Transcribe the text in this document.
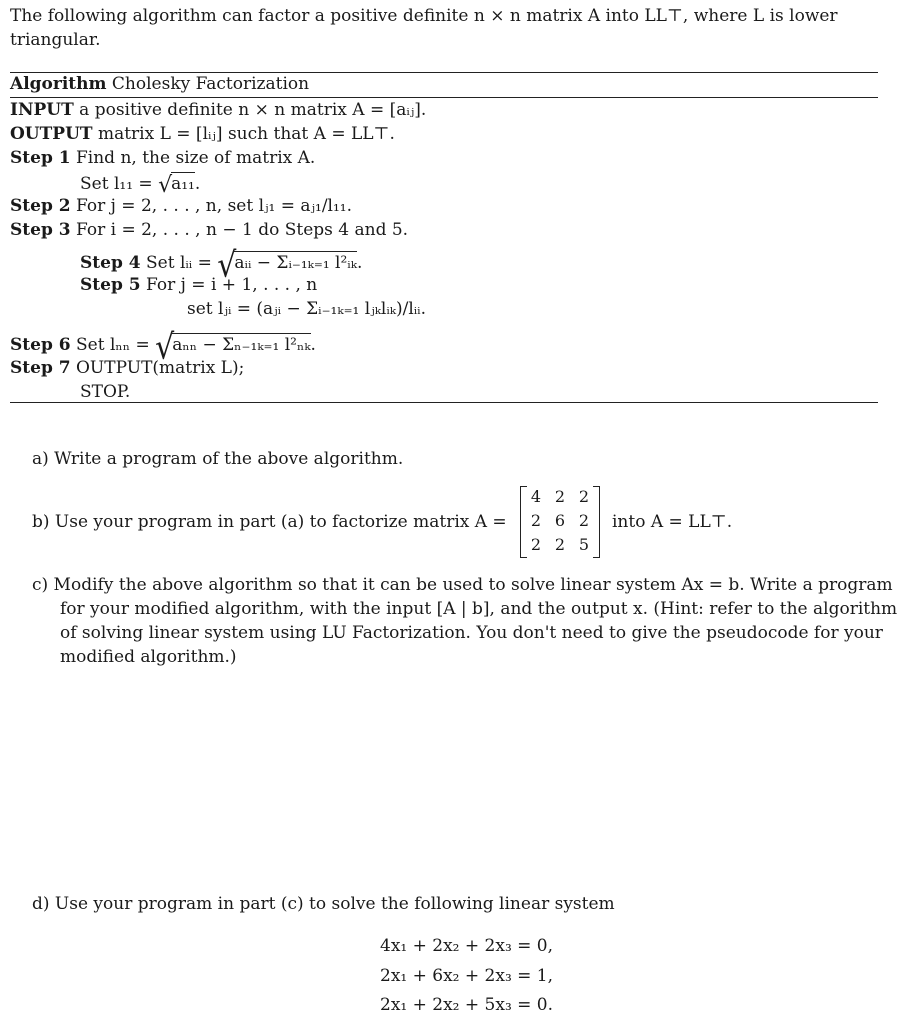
The following algorithm can factor a positive definite n × n matrix A into LL⊤, where L is lower
triangular.
Algorithm Cholesky Factorization
INPUT a positive definite n × n matrix A = [aᵢⱼ].
OUTPUT matrix L = [lᵢⱼ] such that A = LL⊤.
Step 1 Find n, the size of matrix A.
Set l₁₁ = √a₁₁.
Step 2 For j = 2, . . . , n, set lⱼ₁ = aⱼ₁/l₁₁.
Step 3 For i = 2, . . . , n − 1 do Steps 4 and 5.
Step 4 Set lᵢᵢ = √aᵢᵢ − Σᵢ₋₁ₖ₌₁ l²ᵢₖ.
Step 5 For j = i + 1, . . . , n
set lⱼᵢ = (aⱼᵢ − Σᵢ₋₁ₖ₌₁ lⱼₖlᵢₖ)/lᵢᵢ.
Step 6 Set lₙₙ = √aₙₙ − Σₙ₋₁ₖ₌₁ l²ₙₖ.
Step 7 OUTPUT(matrix L);
STOP.
a) Write a program of the above algorithm.
b) Use your program in part (a) to factorize matrix A =
4 2 2
2 6 2
2 2 5
into A = LL⊤.
c) Modify the above algorithm so that it can be used to solve linear system Ax = b. Write a program
for your modified algorithm, with the input [A | b], and the output x. (Hint: refer to the algorithm
of solving linear system using LU Factorization. You don't need to give the pseudocode for your
modified algorithm.)
d) Use your program in part (c) to solve the following linear system
4x₁ + 2x₂ + 2x₃ = 0,
2x₁ + 6x₂ + 2x₃ = 1,
2x₁ + 2x₂ + 5x₃ = 0.
